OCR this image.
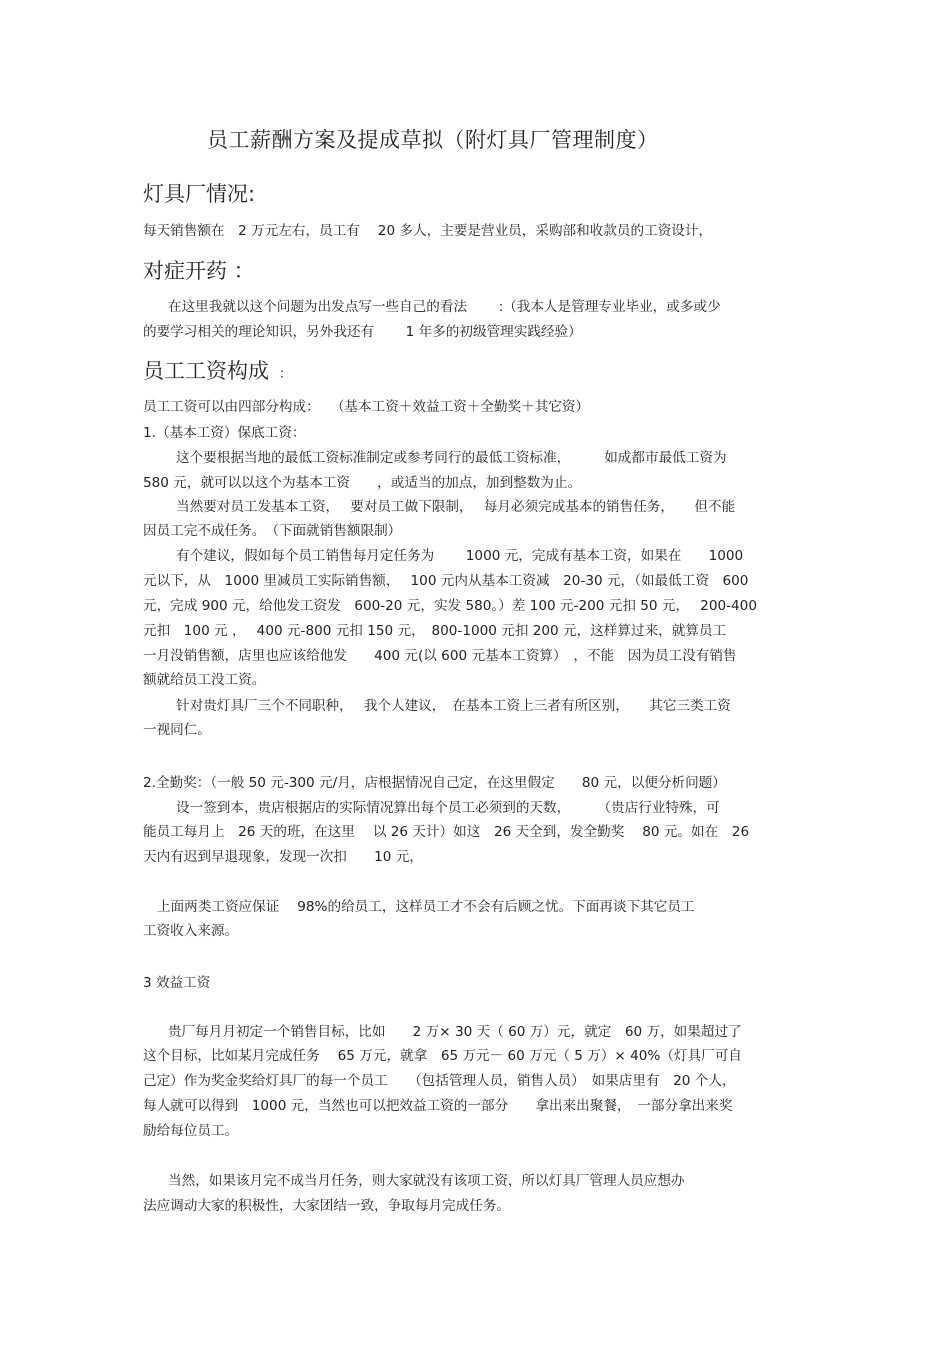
员工薪酬方案及提成草拟（附灯具厂管理制度）
灯具厂情况:
每天销售额在　2 万元左右，员工有　 20 多人，主要是营业员，采购部和收款员的工资设计，
对症开药 ：
在这里我就以这个问题为出发点写一些自己的看法　　 :（我本人是管理专业毕业，或多或少
的要学习相关的理论知识，另外我还有　　 1 年多的初级管理实践经验）
员工工资构成 ：
员工工资可以由四部分构成：　 （基本工资＋效益工资＋全勤奖＋其它资）
1.（基本工资）保底工资：
这个要根据当地的最低工资标准制定或参考同行的最低工资标准，　　　如成都市最低工资为
580 元，就可以以这个为基本工资　　，或适当的加点，加到整数为止。
当然要对员工发基本工资，　 要对员工做下限制，　 每月必须完成基本的销售任务，　　但不能
因员工完不成任务。　（下面就销售额限制）
有个建议，假如每个员工销售每月定任务为　　 1000 元，完成有基本工资，如果在　　1000
元以下，从　1000 里减员工实际销售额，　 100 元内从基本工资减　20-30 元，（如最低工资　600
元，完成 900 元，给他发工资发　600-20 元，实发 580。）差 100 元-200 元扣 50 元，　 200-400
元扣　100 元 ，　 400 元-800 元扣 150 元，　800-1000 元扣 200 元，这样算过来，就算员工
一月没销售额，店里也应该给他发　　400 元(以 600 元基本工资算）　，不能　因为员工没有销售
额就给员工没工资。
针对贵灯具厂三个不同职种，　 我个人建议，　在基本工资上三者有所区别，　　其它三类工资
一视同仁。
2.全勤奖：（一般 50 元-300 元/月，店根据情况自己定，在这里假定　　80 元，以便分析问题）
设一签到本，贵店根据店的实际情况算出每个员工必须到的天数，　　　（贵店行业特殊，可
能员工每月上　26 天的班，在这里　 以 26 天计）如这　26 天全到，发全勤奖　 80 元。如在　26
天内有迟到早退现象，发现一次扣　　10 元，
上面两类工资应保证　 98%的给员工，这样员工才不会有后顾之忧。下面再谈下其它员工
工资收入来源。
3 效益工资
贵厂每月月初定一个销售目标，比如　　2 万× 30 天（ 60 万）元，就定　60 万，如果超过了
这个目标，比如某月完成任务　 65 万元，就拿　65 万元－ 60 万元（ 5 万）× 40%（灯具厂可自
己定）作为奖金奖给灯具厂的每一个员工　　（包括管理人员，销售人员）　如果店里有　20 个人，
每人就可以得到　1000 元，当然也可以把效益工资的一部分　　拿出来出聚餐，　一部分拿出来奖
励给每位员工。
当然，如果该月完不成当月任务，则大家就没有该项工资，所以灯具厂管理人员应想办
法应调动大家的积极性，大家团结一致，争取每月完成任务。
